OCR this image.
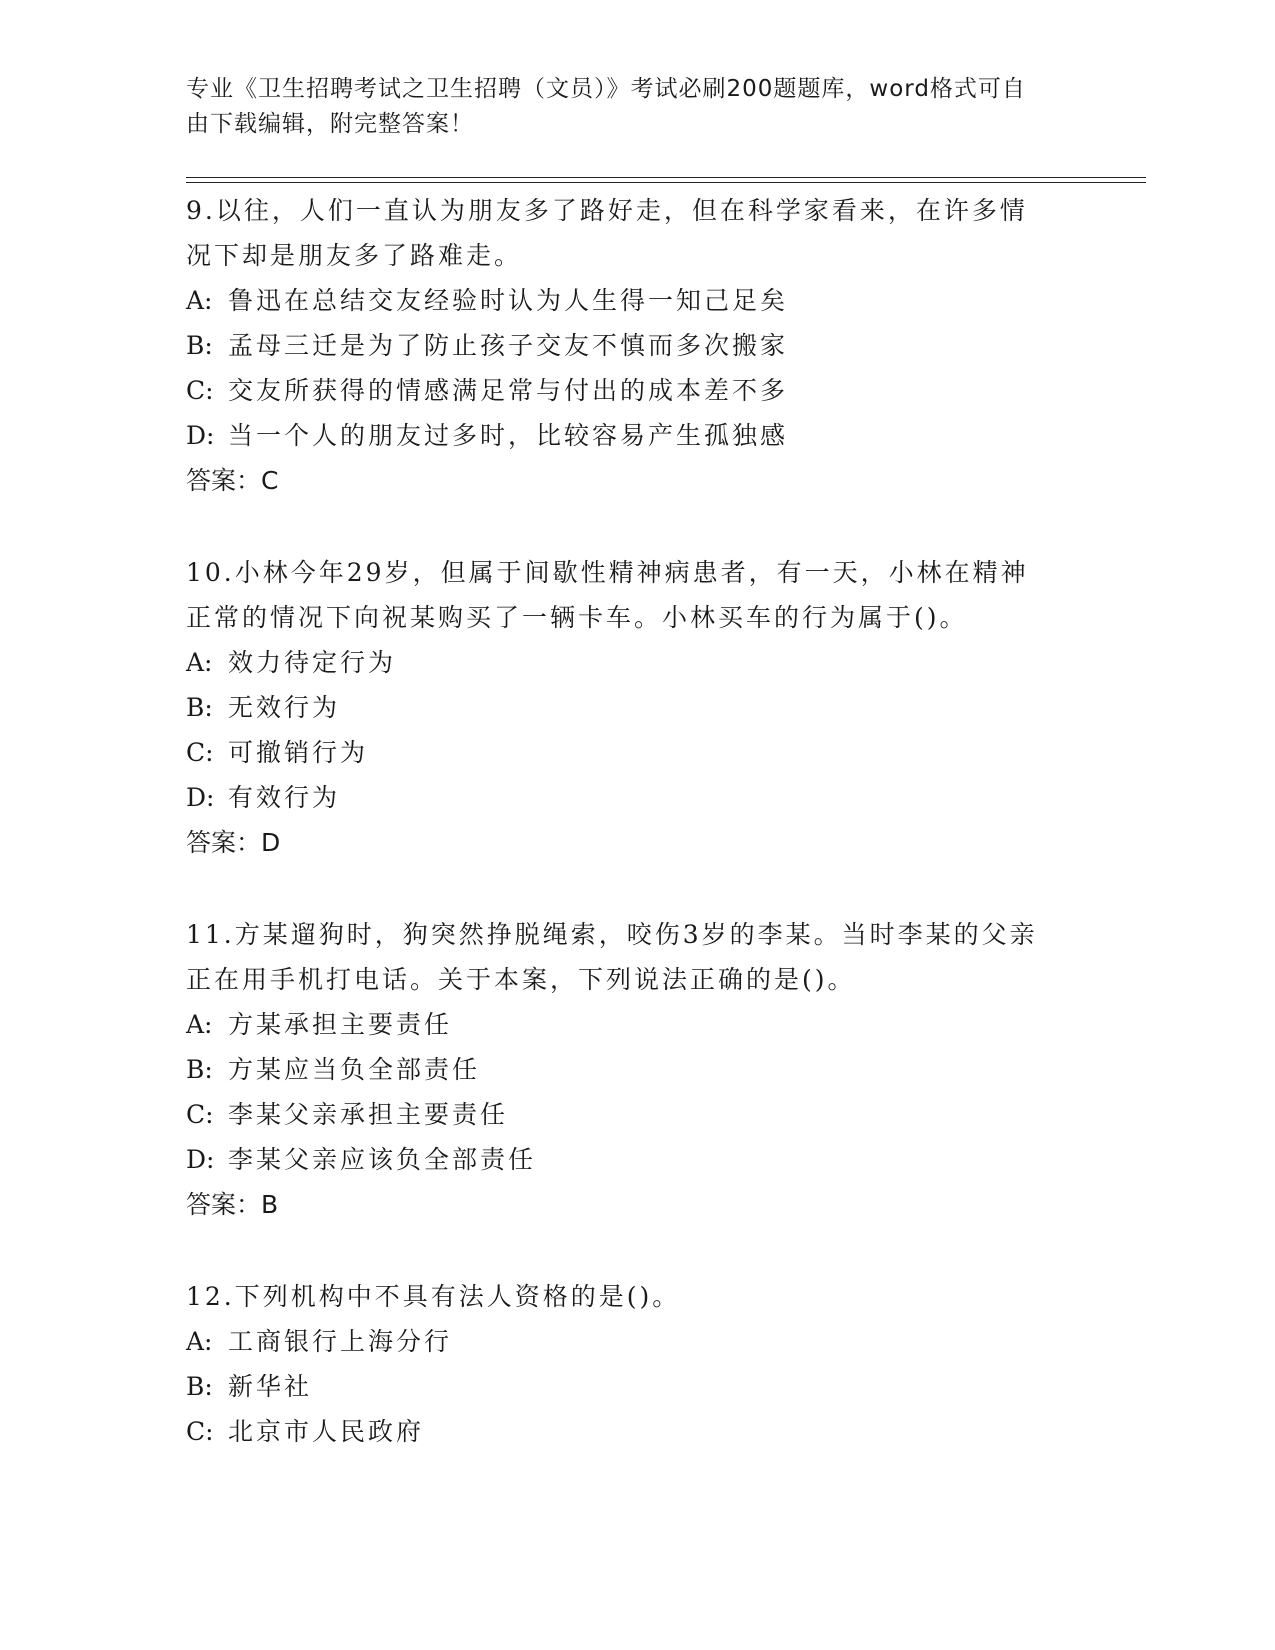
专业《卫生招聘考试之卫生招聘（文员）》考试必刷200题题库，word格式可自
由下载编辑，附完整答案！

9.以往，人们一直认为朋友多了路好走，但在科学家看来，在许多情
况下却是朋友多了路难走。

A: 鲁迅在总结交友经验时认为人生得一知己足矣

B: 孟母三迁是为了防止孩子交友不慎而多次搬家

C: 交友所获得的情感满足常与付出的成本差不多

D: 当一个人的朋友过多时，比较容易产生孤独感

答案：C

10.小林今年29岁，但属于间歇性精神病患者，有一天，小林在精神
正常的情况下向祝某购买了一辆卡车。小林买车的行为属于()。

A: 效力待定行为

B: 无效行为

C: 可撤销行为

D: 有效行为

答案：D

11.方某遛狗时，狗突然挣脱绳索，咬伤3岁的李某。当时李某的父亲
正在用手机打电话。关于本案，下列说法正确的是()。

A: 方某承担主要责任

B: 方某应当负全部责任

C: 李某父亲承担主要责任

D: 李某父亲应该负全部责任

答案：B

12.下列机构中不具有法人资格的是()。

A: 工商银行上海分行

B: 新华社

C: 北京市人民政府
